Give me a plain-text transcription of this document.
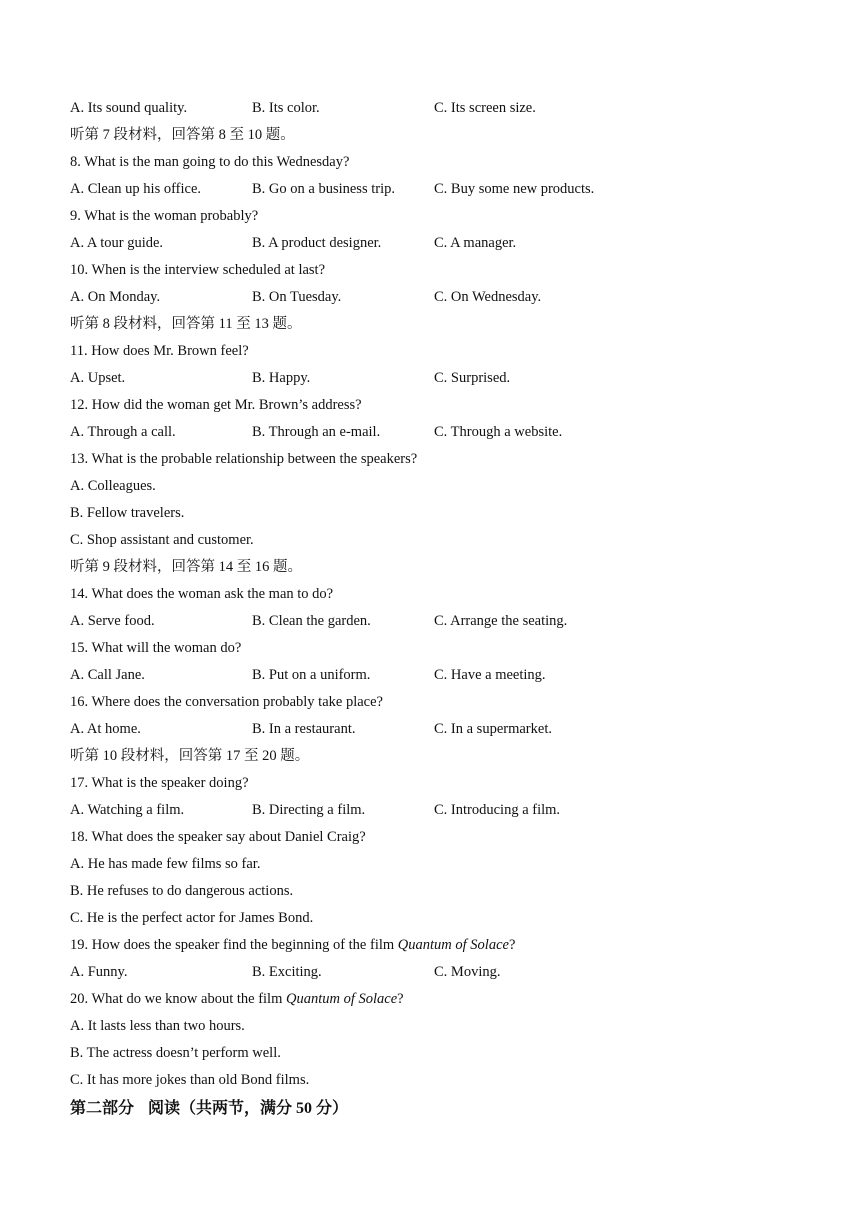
A. Its sound quality.	B. Its color.	C. Its screen size.
听第 7 段材料，回答第 8 至 10 题。
8. What is the man going to do this Wednesday?
A. Clean up his office.	B. Go on a business trip.	C. Buy some new products.
9. What is the woman probably?
A. A tour guide.	B. A product designer.	C. A manager.
10. When is the interview scheduled at last?
A. On Monday.	B. On Tuesday.	C. On Wednesday.
听第 8 段材料，回答第 11 至 13 题。
11. How does Mr. Brown feel?
A. Upset.	B. Happy.	C. Surprised.
12. How did the woman get Mr. Brown’s address?
A. Through a call.	B. Through an e-mail.	C. Through a website.
13. What is the probable relationship between the speakers?
A. Colleagues.
B. Fellow travelers.
C. Shop assistant and customer.
听第 9 段材料，回答第 14 至 16 题。
14. What does the woman ask the man to do?
A. Serve food.	B. Clean the garden.	C. Arrange the seating.
15. What will the woman do?
A. Call Jane.	B. Put on a uniform.	C. Have a meeting.
16. Where does the conversation probably take place?
A. At home.	B. In a restaurant.	C. In a supermarket.
听第 10 段材料，回答第 17 至 20 题。
17. What is the speaker doing?
A. Watching a film.	B. Directing a film.	C. Introducing a film.
18. What does the speaker say about Daniel Craig?
A. He has made few films so far.
B. He refuses to do dangerous actions.
C. He is the perfect actor for James Bond.
19. How does the speaker find the beginning of the film Quantum of Solace?
A. Funny.	B. Exciting.	C. Moving.
20. What do we know about the film Quantum of Solace?
A. It lasts less than two hours.
B. The actress doesn’t perform well.
C. It has more jokes than old Bond films.
第二部分 阅读（共两节，满分 50 分）
